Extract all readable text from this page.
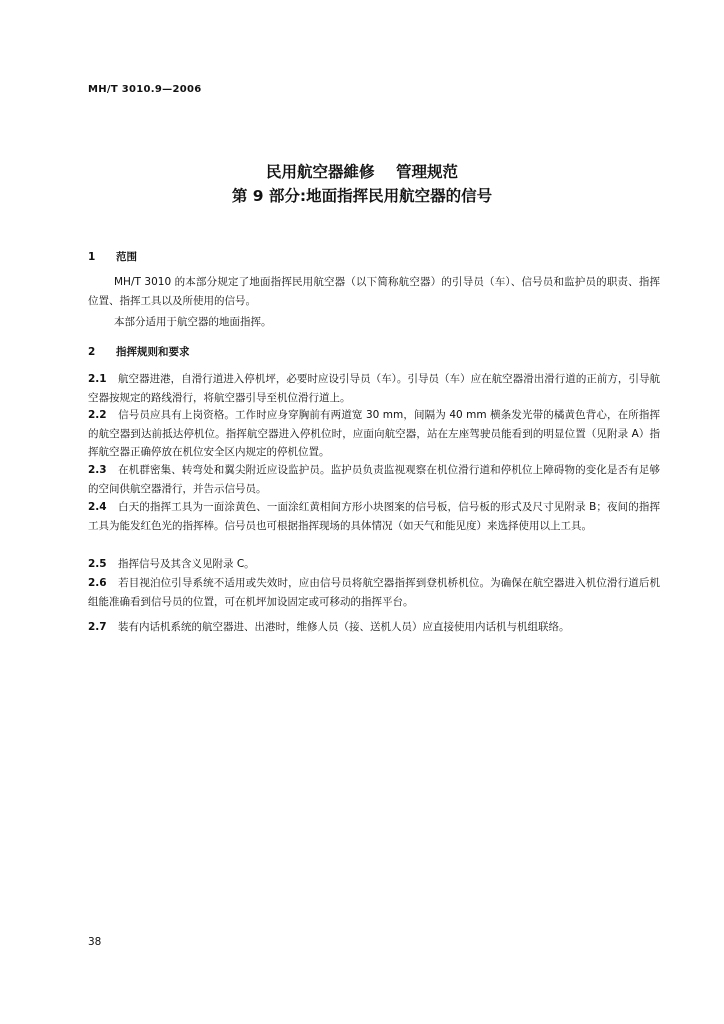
MH/T 3010.9—2006
民用航空器維修    管理规范
第 9 部分:地面指挥民用航空器的信号
1 范围
MH/T 3010 的本部分规定了地面指挥民用航空器（以下简称航空器）的引导员（车）、信号员和监护员的职责、指挥位置、指挥工具以及所使用的信号。
本部分适用于航空器的地面指挥。
2 指挥规则和要求
2.1 航空器进港，自滑行道进入停机坪，必要时应设引导员（车）。引导员（车）应在航空器滑出滑行道的正前方，引导航空器按规定的路线滑行，将航空器引导至机位滑行道上。
2.2 信号员应具有上岗资格。工作时应身穿胸前有两道宽 30 mm，间隔为 40 mm 横条发光带的橘黄色背心，在所指挥的航空器到达前抵达停机位。指挥航空器进入停机位时，应面向航空器，站在左座驾驶员能看到的明显位置（见附录 A）指挥航空器正确停放在机位安全区内规定的停机位置。
2.3 在机群密集、转弯处和翼尖附近应设监护员。监护员负责监视观察在机位滑行道和停机位上障碍物的变化是否有足够的空间供航空器滑行，并告示信号员。
2.4 白天的指挥工具为一面涂黄色、一面涂红黄相间方形小块图案的信号板，信号板的形式及尺寸见附录 B；夜间的指挥工具为能发红色光的指挥棒。信号员也可根据指挥现场的具体情况（如天气和能见度）来选择使用以上工具。
2.5 指挥信号及其含义见附录 C。
2.6 若目视泊位引导系统不适用或失效时，应由信号员将航空器指挥到登机桥机位。为确保在航空器进入机位滑行道后机组能准确看到信号员的位置，可在机坪加设固定或可移动的指挥平台。
2.7 装有内话机系统的航空器进、出港时，维修人员（接、送机人员）应直接使用内话机与机组联络。
38
